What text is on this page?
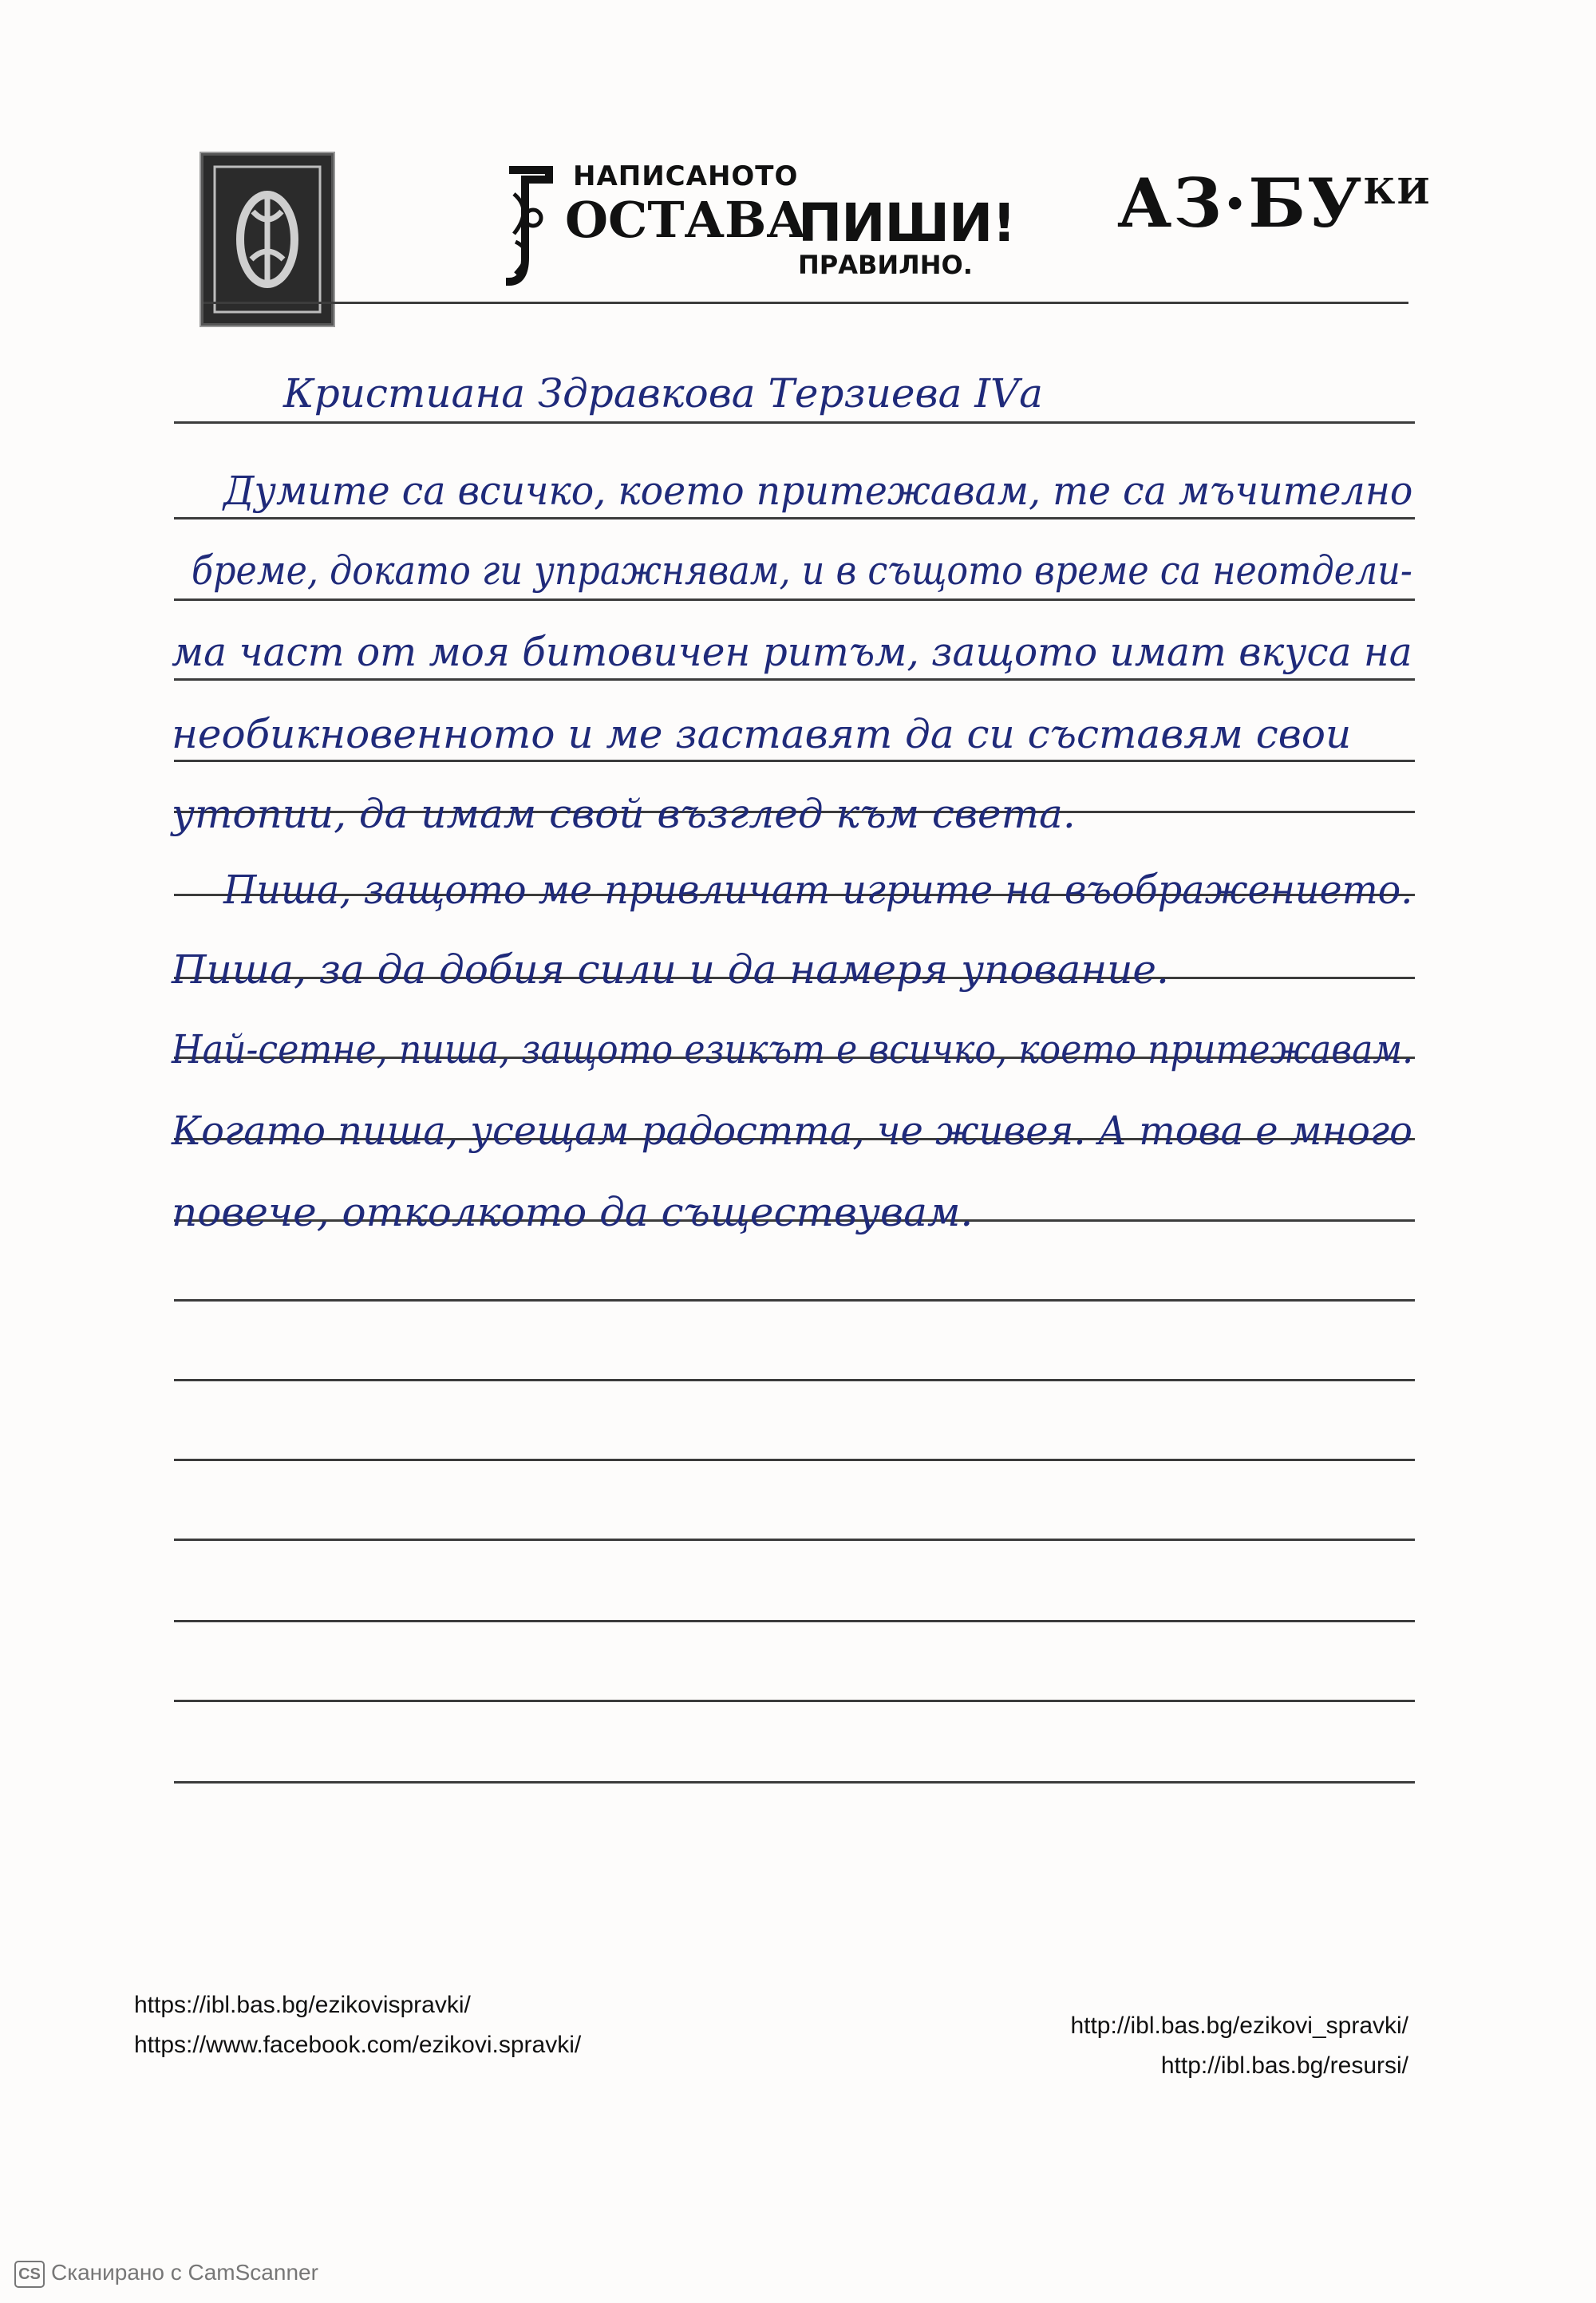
НАПИСАНОТО
ОСТАВА
ПИШИ!
ПРАВИЛНО.
$АЗ\cdot БУ^{КИ}$
Кристиана Здравкова Терзиева IVа
Думите са всичко, което притежавам, те са мъчително
бреме, докато ги упражнявам, и в същото време са неотдели-
ма част от моя битовичен ритъм, защото имат вкуса на
необикновенното и ме заставят да си съставям свои
утопии, да имам свой възглед към света.
Пиша, защото ме привличат игрите на въображението.
Пиша, за да добия сили и да намеря упование.
Най-сетне, пиша, защото езикът е всичко, което притежавам.
Когато пиша, усещам радостта, че живея. А това е много
повече, отколкото да съществувам.
https://ibl.bas.bg/ezikovispravki/
https://www.facebook.com/ezikovi.spravki/
http://ibl.bas.bg/ezikovi_spravki/
http://ibl.bas.bg/resursi/
CS Сканирано с CamScanner
